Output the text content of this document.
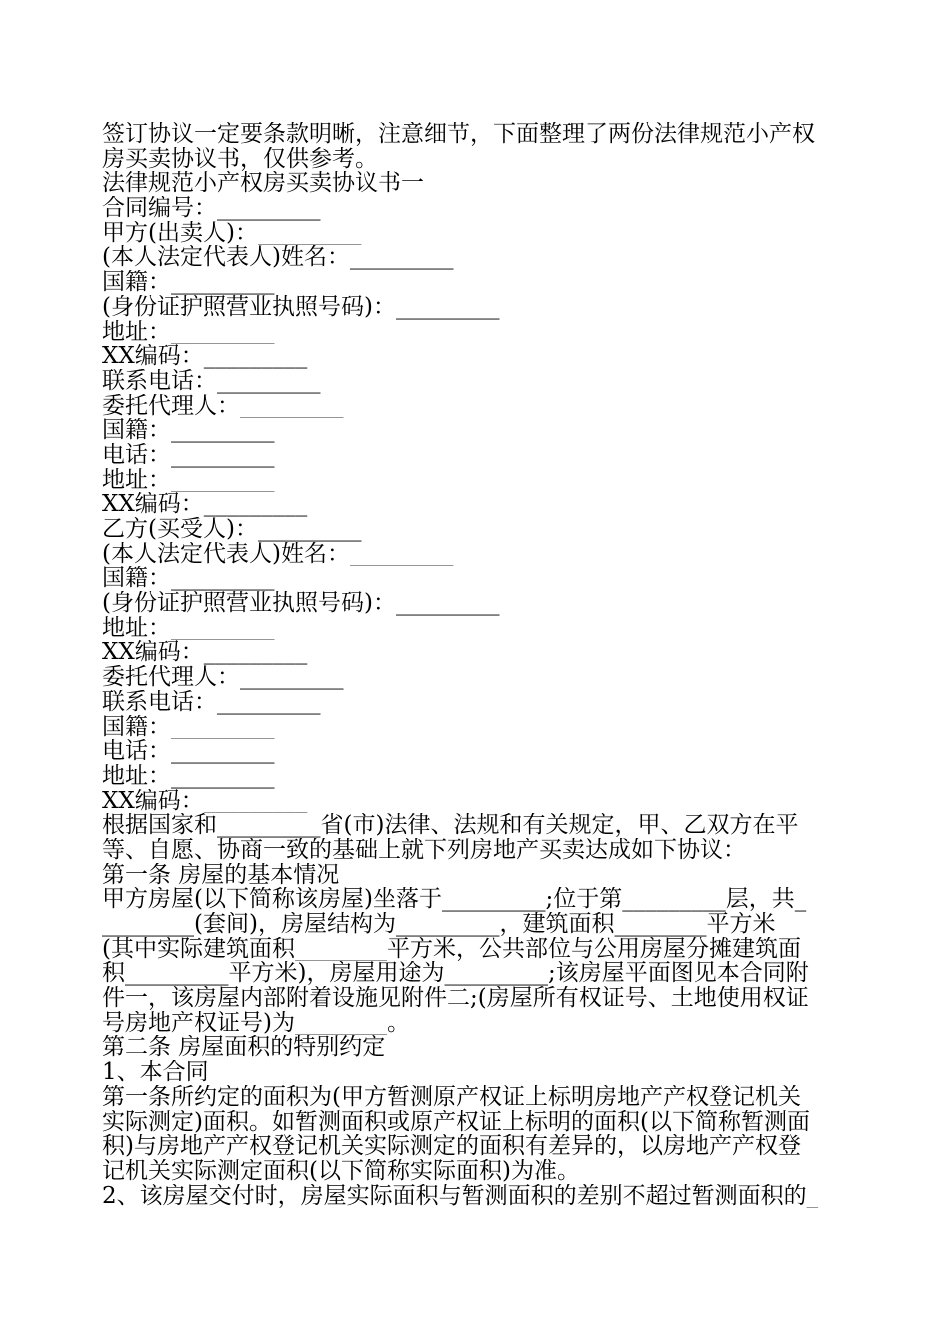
签订协议一定要条款明晰，注意细节，下面整理了两份法律规范小产权
房买卖协议书，仅供参考。
法律规范小产权房买卖协议书一
合同编号：_________
甲方(出卖人)：_________
(本人法定代表人)姓名：_________
国籍：_________
(身份证护照营业执照号码)：_________
地址：_________
XX编码：_________
联系电话：_________
委托代理人：_________
国籍：_________
电话：_________
地址：_________
XX编码：_________
乙方(买受人)：_________
(本人法定代表人)姓名：_________
国籍：_________
(身份证护照营业执照号码)：_________
地址：_________
XX编码：_________
委托代理人：_________
联系电话：_________
国籍：_________
电话：_________
地址：_________
XX编码：_________
根据国家和_________省(市)法律、法规和有关规定，甲、乙双方在平
等、自愿、协商一致的基础上就下列房地产买卖达成如下协议：
第一条 房屋的基本情况
甲方房屋(以下简称该房屋)坐落于_________;位于第_________层，共_
________(套间)，房屋结构为_________，建筑面积________平方米
(其中实际建筑面积________平方米，公共部位与公用房屋分摊建筑面
积_________平方米)，房屋用途为_________;该房屋平面图见本合同附
件一，该房屋内部附着设施见附件二;(房屋所有权证号、土地使用权证
号房地产权证号)为________。
第二条 房屋面积的特别约定
1、本合同
第一条所约定的面积为(甲方暂测原产权证上标明房地产产权登记机关
实际测定)面积。如暂测面积或原产权证上标明的面积(以下简称暂测面
积)与房地产产权登记机关实际测定的面积有差异的，以房地产产权登
记机关实际测定面积(以下简称实际面积)为准。
2、该房屋交付时，房屋实际面积与暂测面积的差别不超过暂测面积的_
